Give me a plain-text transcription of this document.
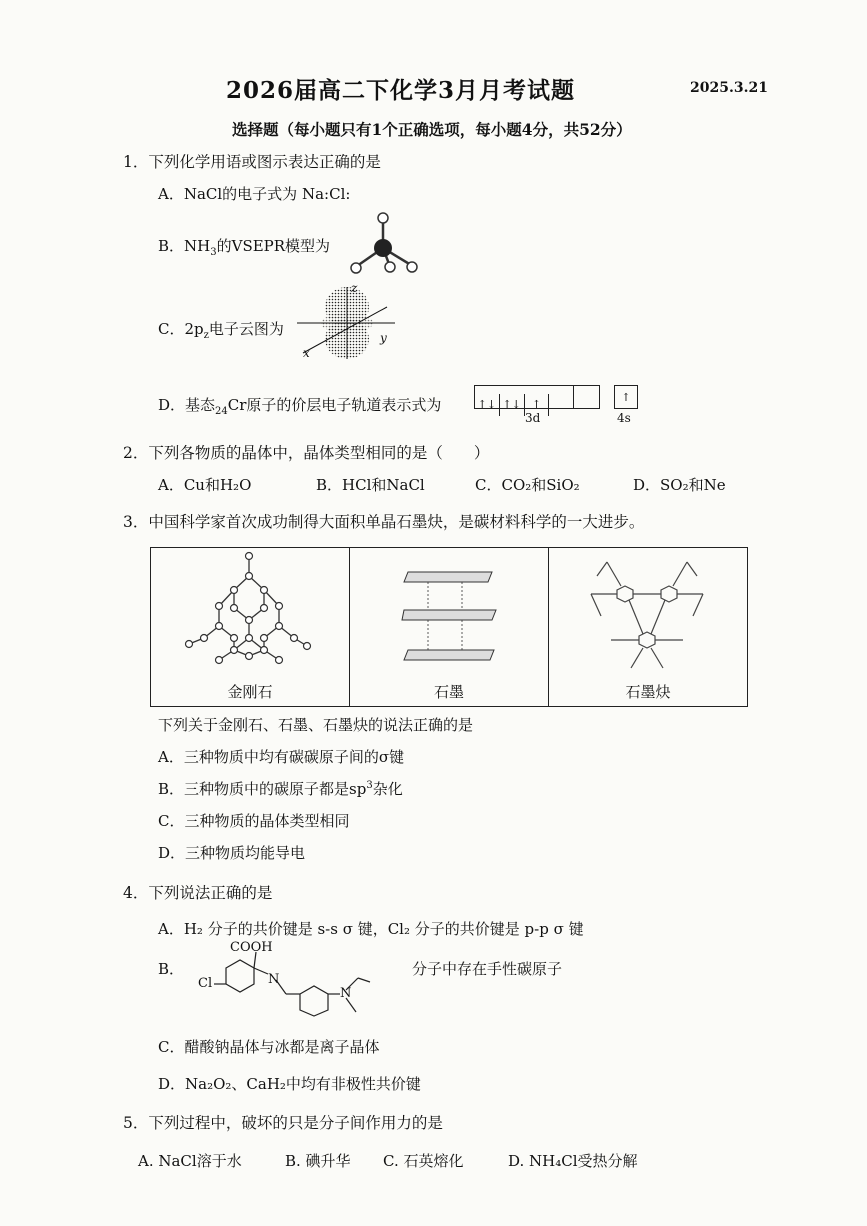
2026届高二下化学3月月考试题	2025.3.21
选择题（每小题只有1个正确选项，每小题4分，共52分）
1．下列化学用语或图示表达正确的是
A．NaCl的电子式为 Na:Cl:
B．$NH_3$的VSEPR模型为
C．$2p_z$电子云图为
z
y
x
D．基态$_{24}$Cr原子的价层电子轨道表示式为	↑↓ ↑↓ ↑
↑
3d	4s
2．下列各物质的晶体中，晶体类型相同的是（　　）
A．Cu和H₂O	B．HCl和NaCl	C．CO₂和SiO₂	D．SO₂和Ne
3．中国科学家首次成功制得大面积单晶石墨炔，是碳材料科学的一大进步。
金刚石	石墨	石墨炔
下列关于金刚石、石墨、石墨炔的说法正确的是
A．三种物质中均有碳碳原子间的σ键
B．三种物质中的碳原子都是$sp^3$杂化
C．三种物质的晶体类型相同
D．三种物质均能导电
4．下列说法正确的是
A．H₂ 分子的共价键是 s-s σ 键，Cl₂ 分子的共价键是 p-p σ 键
B．
COOH
Cl	N
N
分子中存在手性碳原子
C．醋酸钠晶体与冰都是离子晶体
D．Na₂O₂、CaH₂中均有非极性共价键
5．下列过程中，破坏的只是分子间作用力的是
A. NaCl溶于水	B. 碘升华 C. 石英熔化	D. NH₄Cl受热分解
